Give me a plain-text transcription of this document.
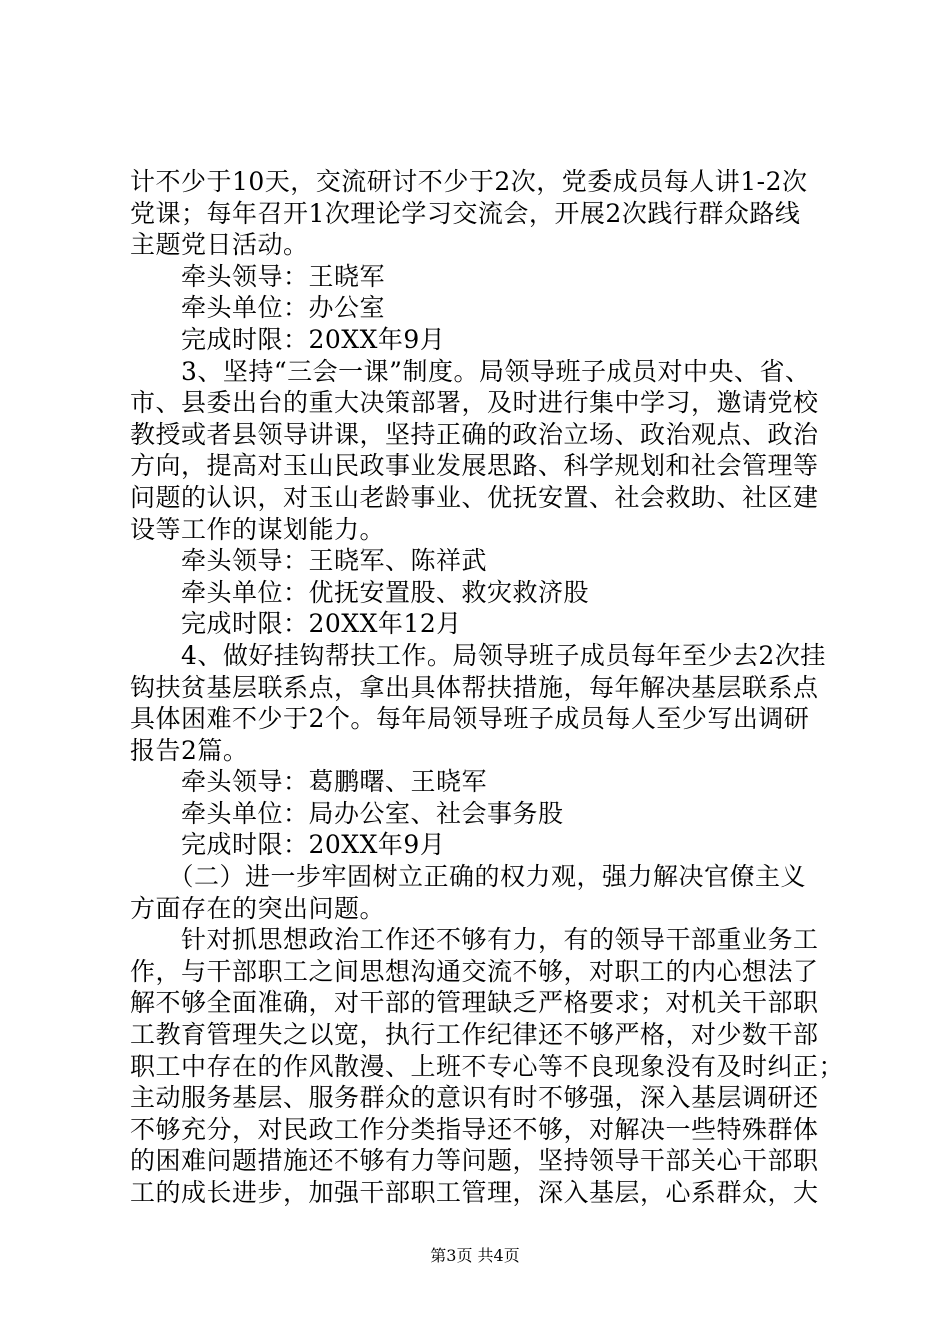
计不少于10天，交流研讨不少于2次，党委成员每人讲1-2次
党课；每年召开1次理论学习交流会，开展2次践行群众路线
主题党日活动。
　　牵头领导：王晓军
　　牵头单位：办公室
　　完成时限：20XX年9月
　　3、坚持“三会一课”制度。局领导班子成员对中央、省、
市、县委出台的重大决策部署，及时进行集中学习，邀请党校
教授或者县领导讲课，坚持正确的政治立场、政治观点、政治
方向，提高对玉山民政事业发展思路、科学规划和社会管理等
问题的认识，对玉山老龄事业、优抚安置、社会救助、社区建
设等工作的谋划能力。
　　牵头领导：王晓军、陈祥武
　　牵头单位：优抚安置股、救灾救济股
　　完成时限：20XX年12月
　　4、做好挂钩帮扶工作。局领导班子成员每年至少去2次挂
钩扶贫基层联系点，拿出具体帮扶措施，每年解决基层联系点
具体困难不少于2个。每年局领导班子成员每人至少写出调研
报告2篇。
　　牵头领导：葛鹏曙、王晓军
　　牵头单位：局办公室、社会事务股
　　完成时限：20XX年9月
　　（二）进一步牢固树立正确的权力观，强力解决官僚主义
方面存在的突出问题。
　　针对抓思想政治工作还不够有力，有的领导干部重业务工
作，与干部职工之间思想沟通交流不够，对职工的内心想法了
解不够全面准确，对干部的管理缺乏严格要求；对机关干部职
工教育管理失之以宽，执行工作纪律还不够严格，对少数干部
职工中存在的作风散漫、上班不专心等不良现象没有及时纠正；
主动服务基层、服务群众的意识有时不够强，深入基层调研还
不够充分，对民政工作分类指导还不够，对解决一些特殊群体
的困难问题措施还不够有力等问题，坚持领导干部关心干部职
工的成长进步，加强干部职工管理，深入基层，心系群众，大
第3页 共4页
